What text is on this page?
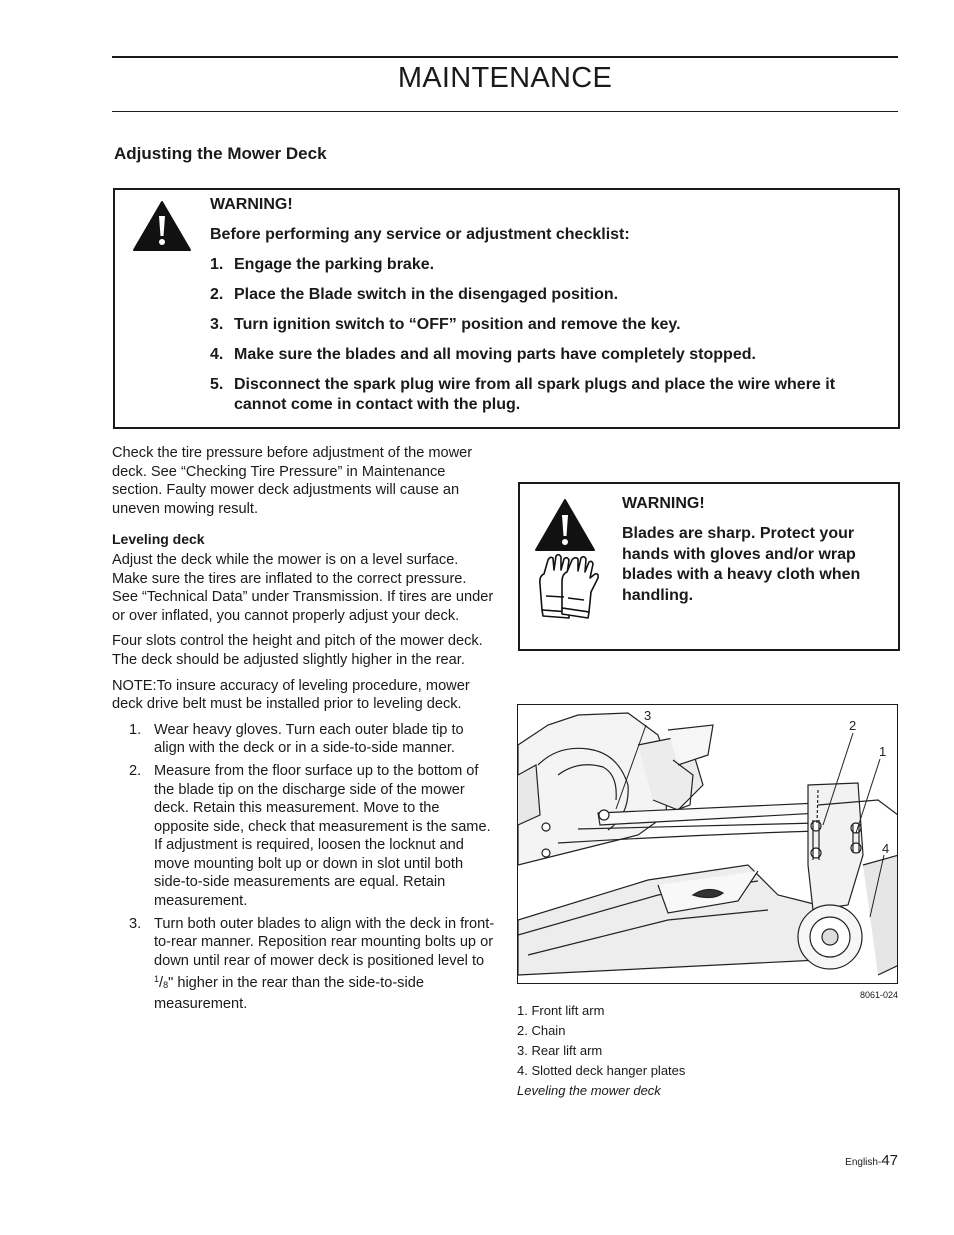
MAINTENANCE
Adjusting the Mower Deck
WARNING!
Before performing any service or adjustment checklist:
1. Engage the parking brake.
2. Place the Blade switch in the disengaged position.
3. Turn ignition switch to “OFF” position and remove the key.
4. Make sure the blades and all moving parts have completely stopped.
5. Disconnect the spark plug wire from all spark plugs and place the wire where it cannot come in contact with the plug.

Check the tire pressure before adjustment of the mower deck. See “Checking Tire Pressure” in Maintenance section. Faulty mower deck adjustments will cause an uneven mowing result.

Leveling deck

Adjust the deck while the mower is on a level surface. Make sure the tires are inflated to the correct pressure. See “Technical Data” under Transmission. If tires are under or over inflated, you cannot properly adjust your deck.

Four slots control the height and pitch of the mower deck. The deck should be adjusted slightly higher in the rear.

NOTE:To insure accuracy of leveling procedure, mower deck drive belt must be installed prior to leveling deck.

1. Wear heavy gloves. Turn each outer blade tip to align with the deck or in a side-to-side manner.
2. Measure from the floor surface up to the bottom of the blade tip on the discharge side of the mower deck. Retain this measurement. Move to the opposite side, check that measurement is the same. If adjustment is required, loosen the locknut and move mounting bolt up or down in slot until both side-to-side measurements are equal. Retain measurement.
3. Turn both outer blades to align with the deck in front-to-rear manner. Reposition rear mounting bolts up or down until rear of mower deck is positioned level to $^1/_8$" higher in the rear than the side-to-side measurement.
WARNING!
Blades are sharp. Protect your hands with gloves and/or wrap blades with a heavy cloth when handling.
3
2
1
4
8061-024
1. Front lift arm
2. Chain
3. Rear lift arm
4. Slotted deck hanger plates
Leveling the mower deck
English-47
